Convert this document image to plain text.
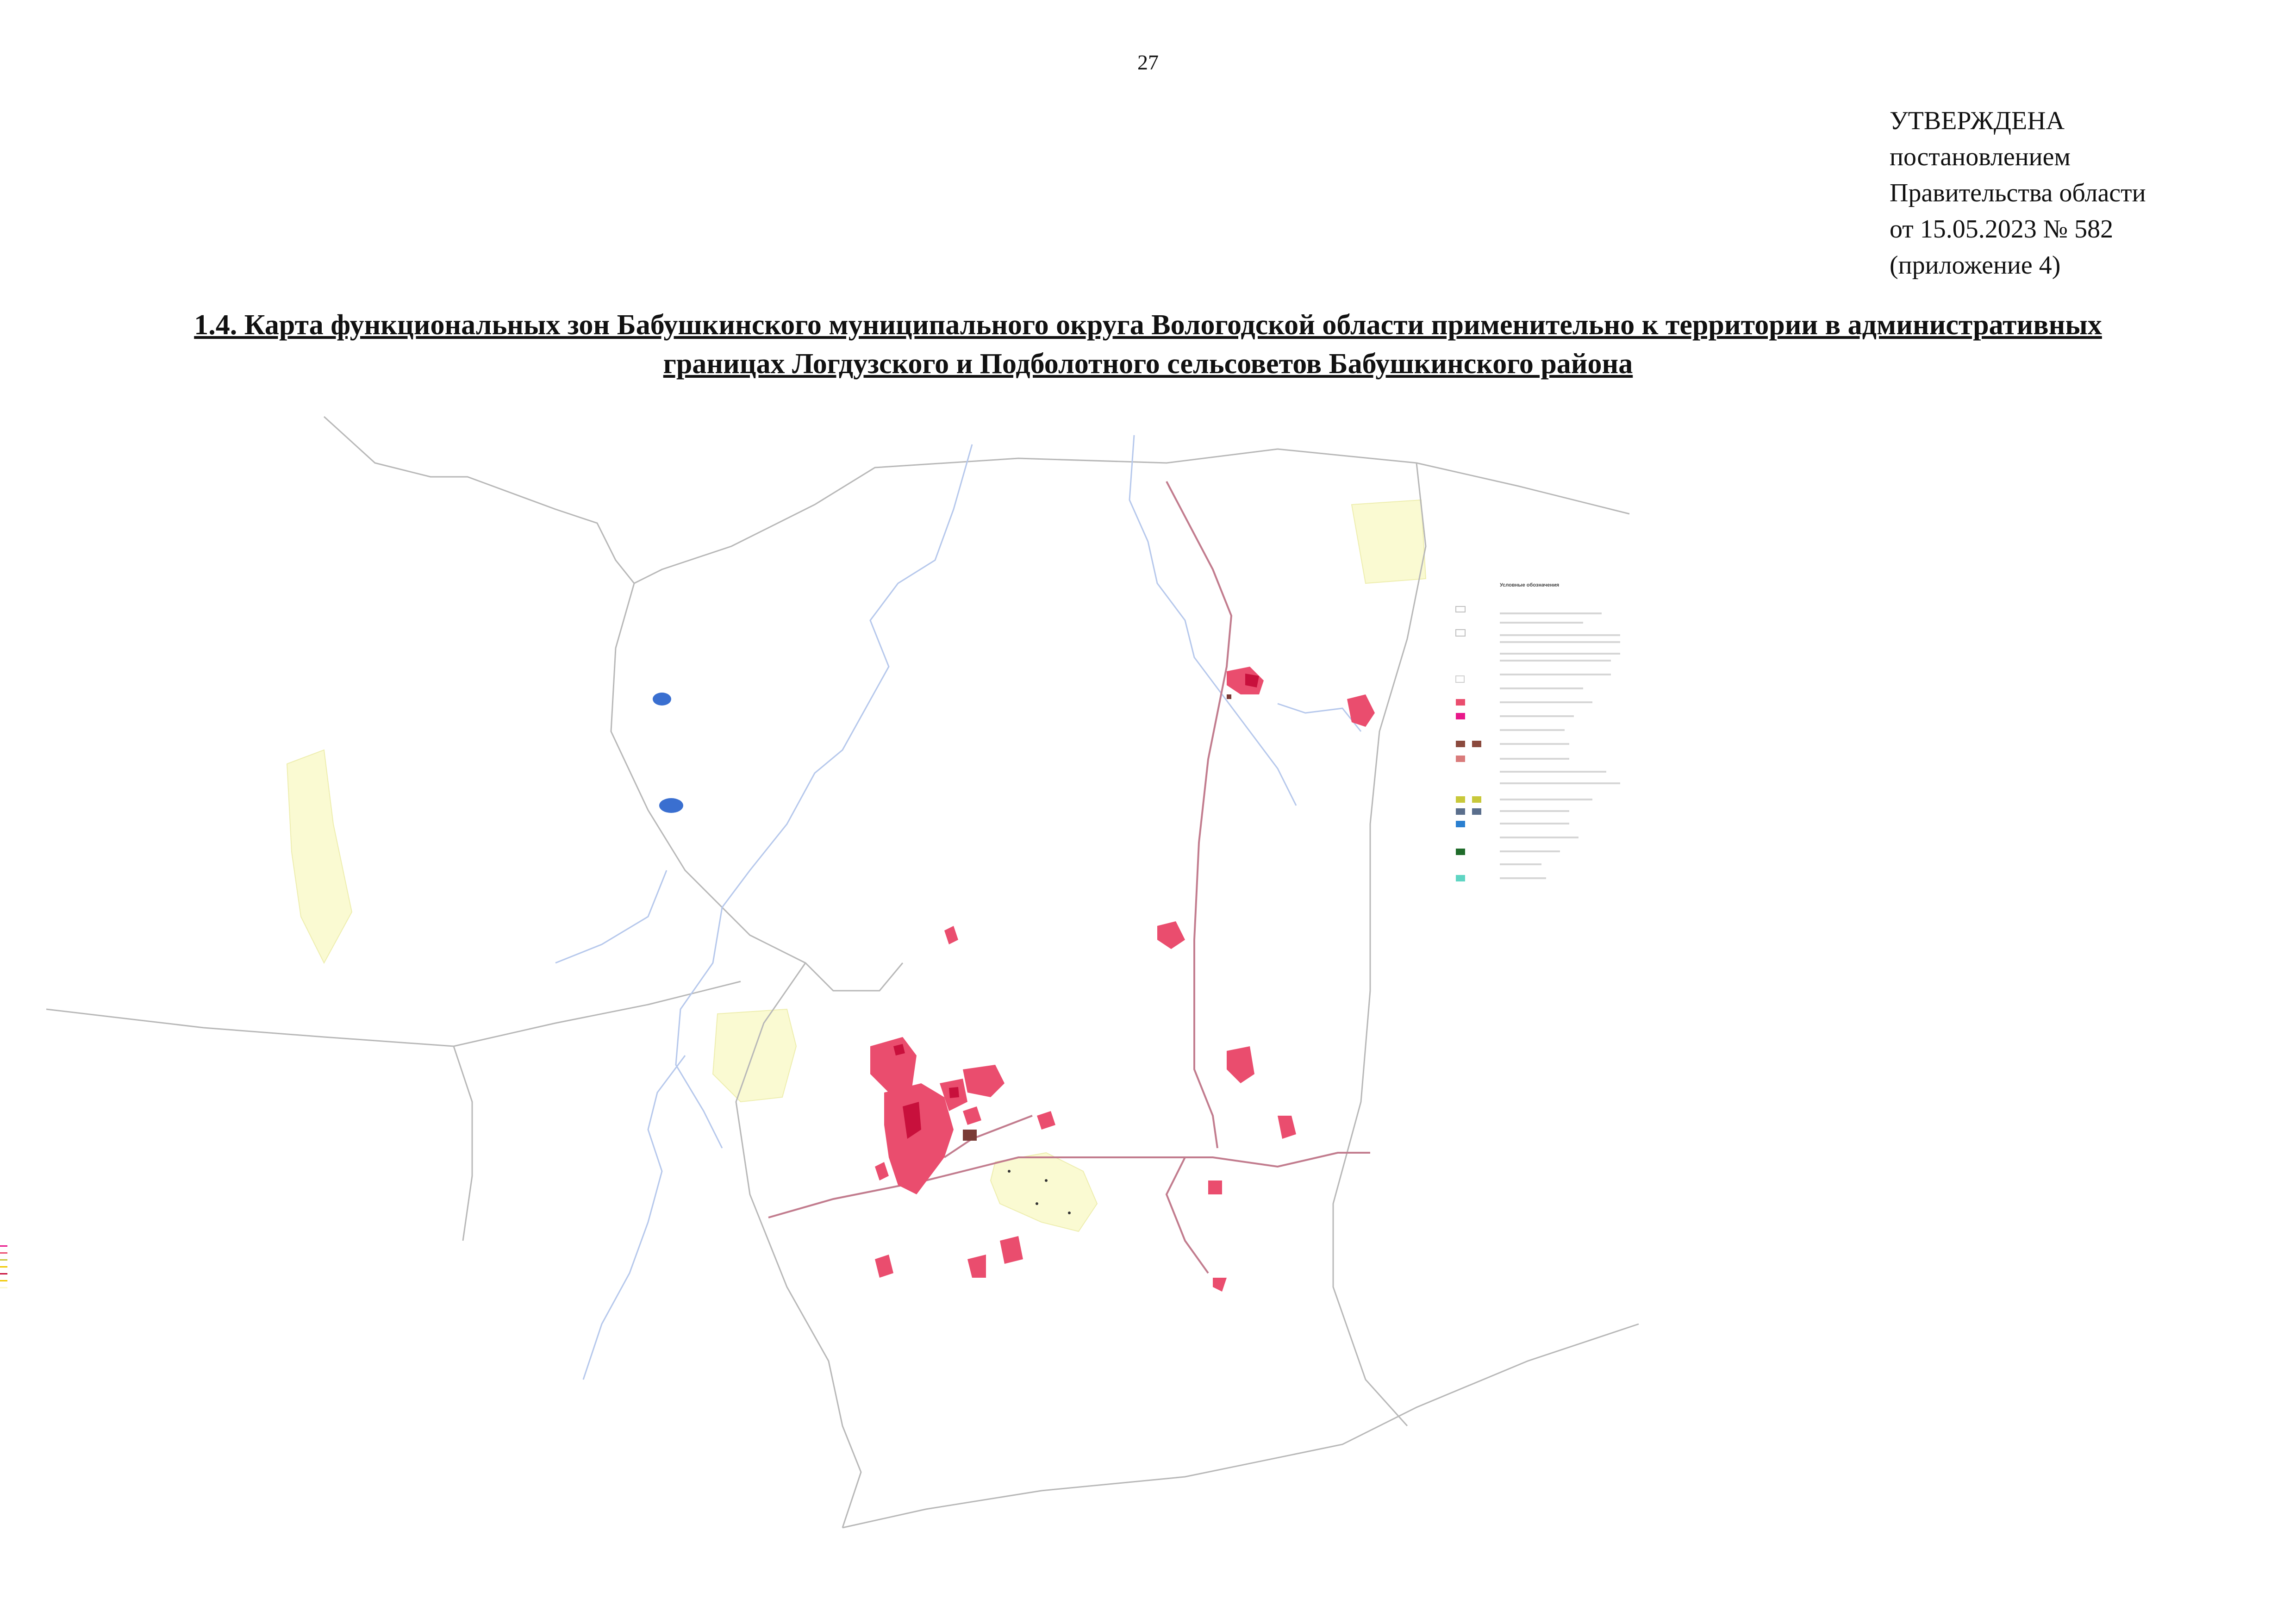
27
УТВЕРЖДЕНА
постановлением
Правительства области
от 15.05.2023 № 582
(приложение 4)
1.4. Карта функциональных зон Бабушкинского муниципального округа Вологодской области применительно к территории в административных
границах Логдузского и Подболотного сельсоветов Бабушкинского района
Условные обозначения
